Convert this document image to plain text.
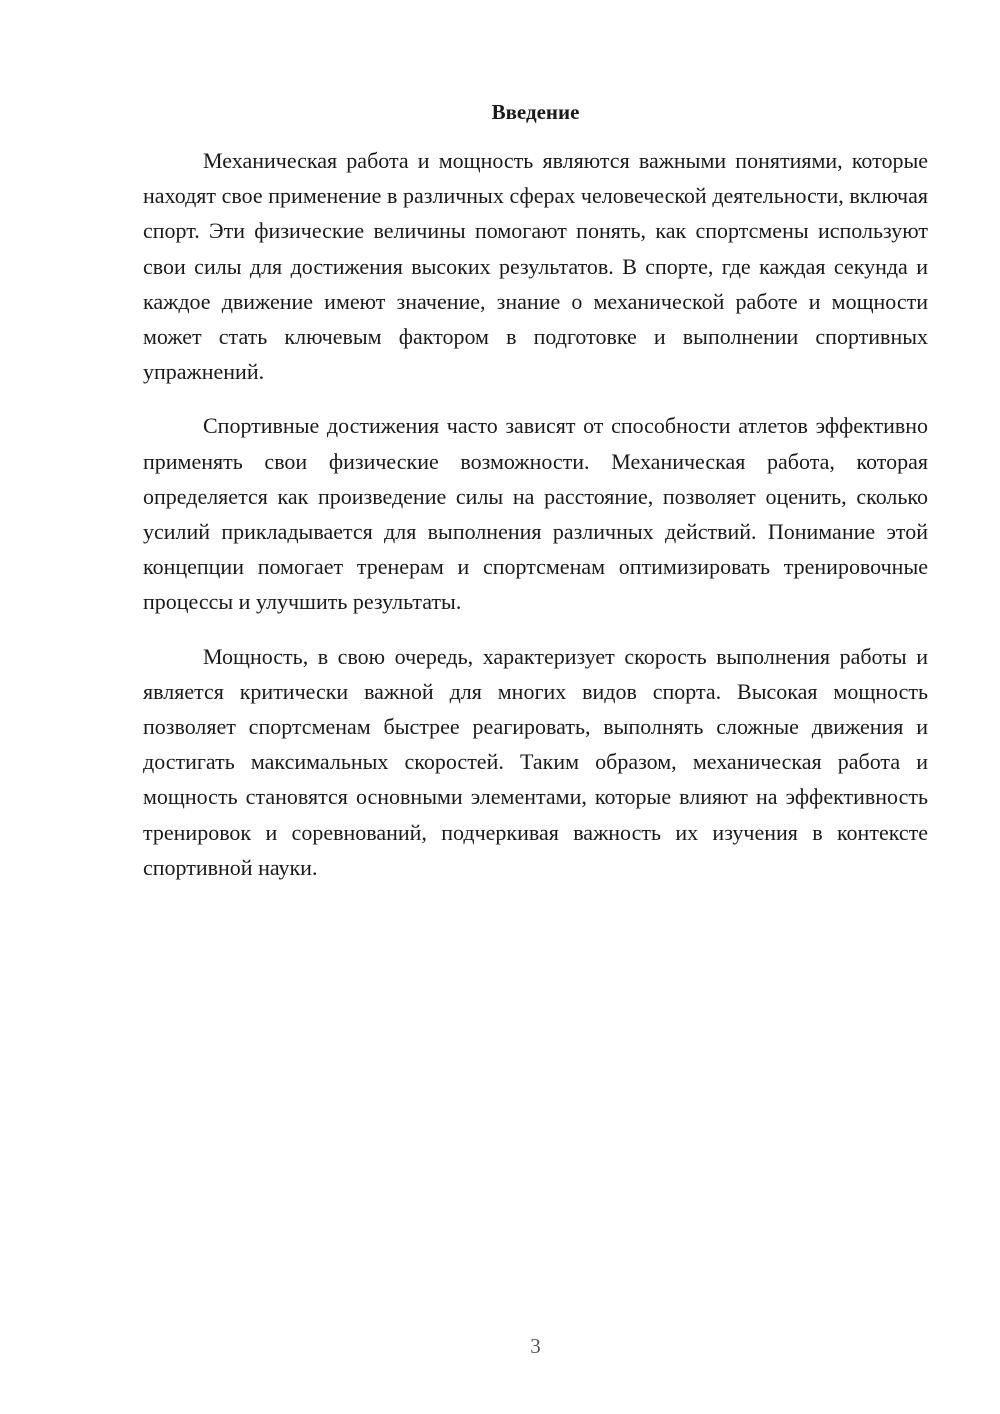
Введение

Механическая работа и мощность являются важными понятиями, которые находят свое применение в различных сферах человеческой деятельности, включая спорт. Эти физические величины помогают понять, как спортсмены используют свои силы для достижения высоких результатов. В спорте, где каждая секунда и каждое движение имеют значение, знание о механической работе и мощности может стать ключевым фактором в подготовке и выполнении спортивных упражнений.

Спортивные достижения часто зависят от способности атлетов эффективно применять свои физические возможности. Механическая работа, которая определяется как произведение силы на расстояние, позволяет оценить, сколько усилий прикладывается для выполнения различных действий. Понимание этой концепции помогает тренерам и спортсменам оптимизировать тренировочные процессы и улучшить результаты.

Мощность, в свою очередь, характеризует скорость выполнения работы и является критически важной для многих видов спорта. Высокая мощность позволяет спортсменам быстрее реагировать, выполнять сложные движения и достигать максимальных скоростей. Таким образом, механическая работа и мощность становятся основными элементами, которые влияют на эффективность тренировок и соревнований, подчеркивая важность их изучения в контексте спортивной науки.

3
